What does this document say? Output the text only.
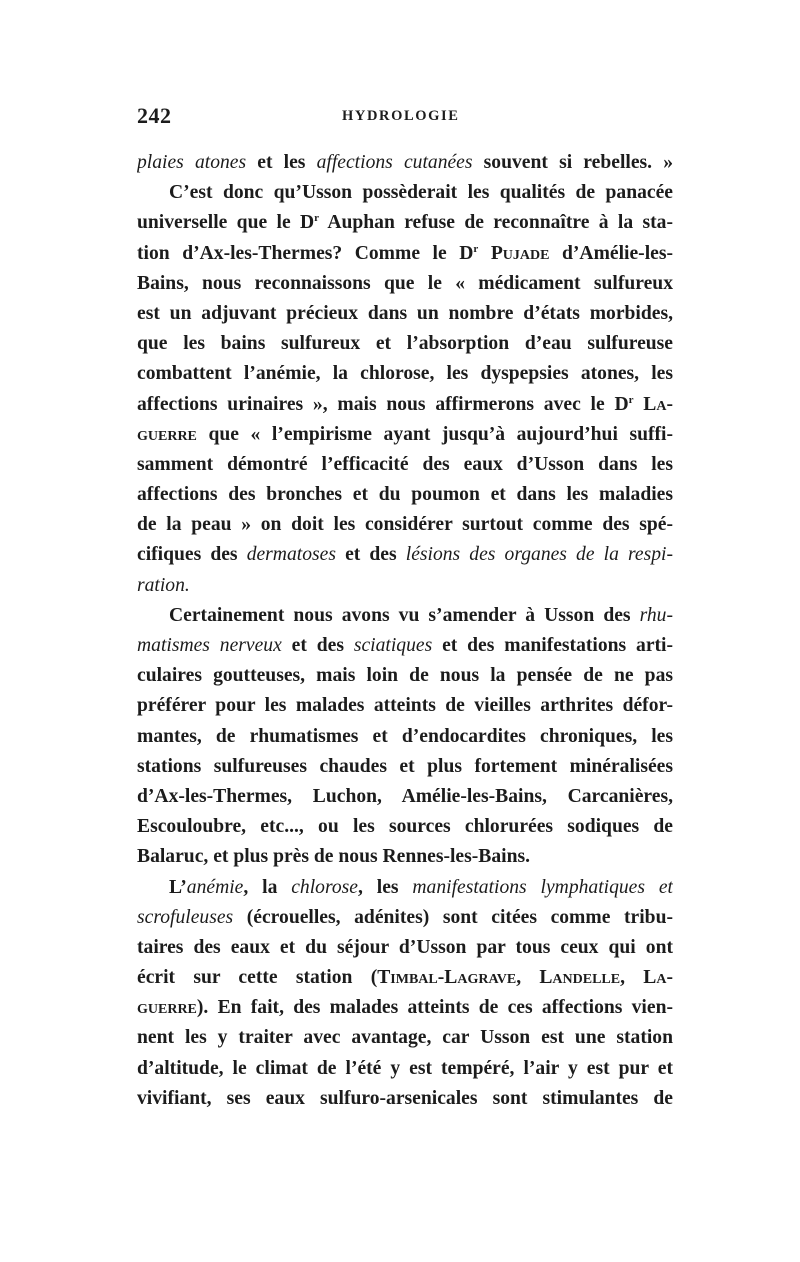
242	HYDROLOGIE
plaies atones et les affections cutanées souvent si rebelles. »
C’est donc qu’Usson possèderait les qualités de panacée
universelle que le $D^r$ Auphan refuse de reconnaître à la sta-
tion d’Ax-les-Thermes? Comme le $D^r$ Pujade d’Amélie-les-
Bains, nous reconnaissons que le « médicament sulfureux
est un adjuvant précieux dans un nombre d’états morbides,
que les bains sulfureux et l’absorption d’eau sulfureuse
combattent l’anémie, la chlorose, les dyspepsies atones, les
affections urinaires », mais nous affirmerons avec le $D^r$ La-
guerre que « l’empirisme ayant jusqu’à aujourd’hui suffi-
samment démontré l’efficacité des eaux d’Usson dans les
affections des bronches et du poumon et dans les maladies
de la peau » on doit les considérer surtout comme des spé-
cifiques des dermatoses et des lésions des organes de la respi-
ration.
Certainement nous avons vu s’amender à Usson des rhu-
matismes nerveux et des sciatiques et des manifestations arti-
culaires goutteuses, mais loin de nous la pensée de ne pas
préférer pour les malades atteints de vieilles arthrites défor-
mantes, de rhumatismes et d’endocardites chroniques, les
stations sulfureuses chaudes et plus fortement minéralisées
d’Ax-les-Thermes, Luchon, Amélie-les-Bains, Carcanières,
Escouloubre, etc..., ou les sources chlorurées sodiques de
Balaruc, et plus près de nous Rennes-les-Bains.
L’anémie, la chlorose, les manifestations lymphatiques et
scrofuleuses (écrouelles, adénites) sont citées comme tribu-
taires des eaux et du séjour d’Usson par tous ceux qui ont
écrit sur cette station (Timbal-Lagrave, Landelle, La-
guerre). En fait, des malades atteints de ces affections vien-
nent les y traiter avec avantage, car Usson est une station
d’altitude, le climat de l’été y est tempéré, l’air y est pur et
vivifiant, ses eaux sulfuro-arsenicales sont stimulantes de
